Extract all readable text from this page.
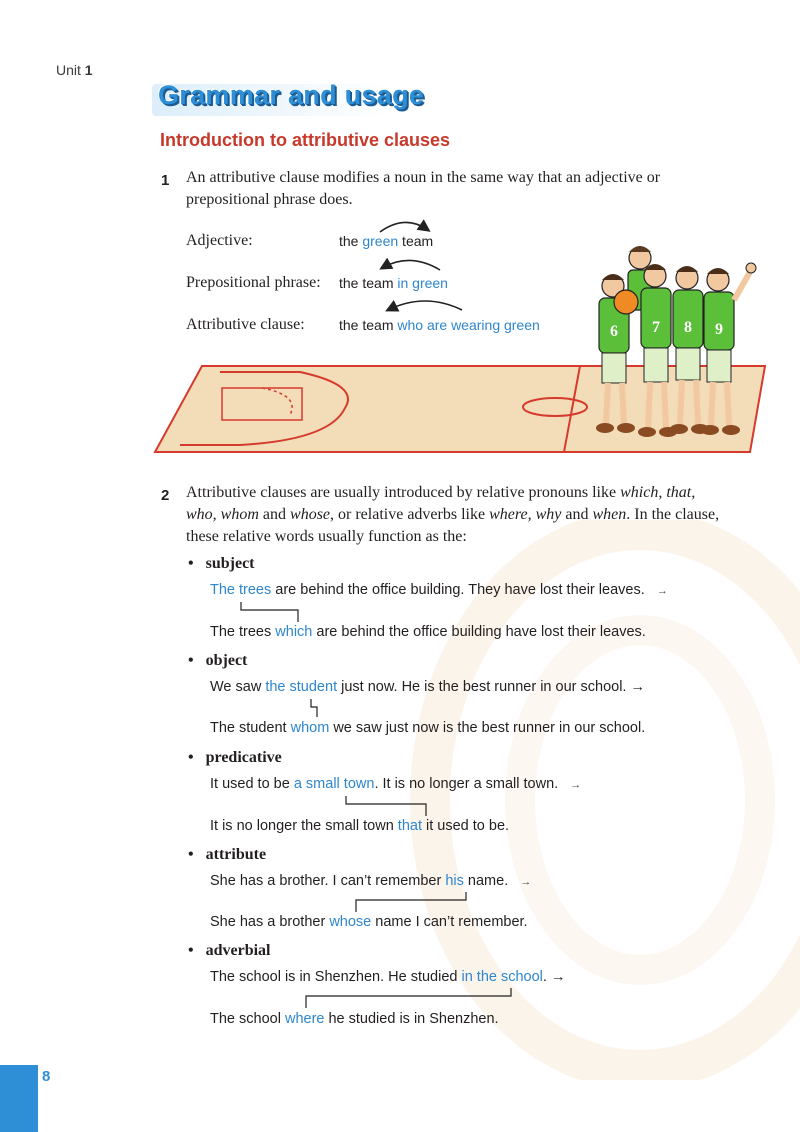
Unit 1
Grammar and usage
Introduction to attributive clauses
1 An attributive clause modifies a noun in the same way that an adjective or
prepositional phrase does.
6 7 8 9
Adjective:	the green team
Prepositional phrase: the team in green
Attributive clause: the team who are wearing green
2 Attributive clauses are usually introduced by relative pronouns like which, that,
who, whom and whose, or relative adverbs like where, why and when. In the clause,
these relative words usually function as the:
• subject
The trees are behind the office building. They have lost their leaves. →
The trees which are behind the office building have lost their leaves.
• object
We saw the student just now. He is the best runner in our school. →
The student whom we saw just now is the best runner in our school.
• predicative
It used to be a small town. It is no longer a small town. →
It is no longer the small town that it used to be.
• attribute
She has a brother. I can’t remember his name. →
She has a brother whose name I can’t remember.
• adverbial
The school is in Shenzhen. He studied in the school. →
The school where he studied is in Shenzhen.
8
